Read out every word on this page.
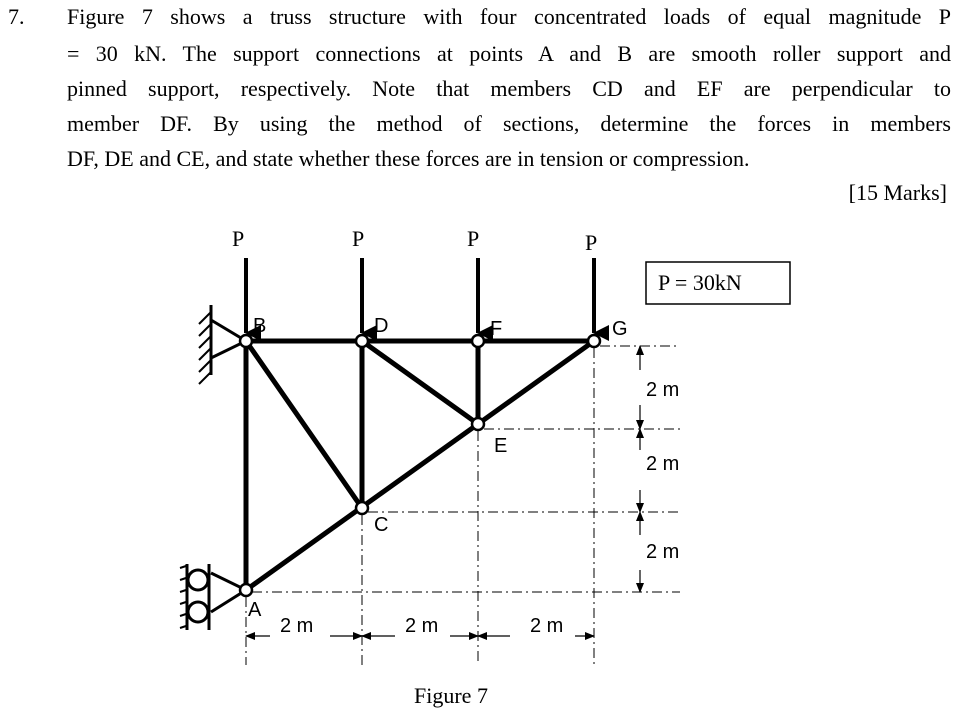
7. Figure 7 shows a truss structure with four concentrated loads of equal magnitude P
= 30 kN. The support connections at points A and B are smooth roller support and
pinned support, respectively. Note that members CD and EF are perpendicular to
member DF. By using the method of sections, determine the forces in members
DF, DE and CE, and state whether these forces are in tension or compression.
[15 Marks]
P	P	P	P
P = 30kN
B	D	F	G
E
C
A
2 m	2 m	2 m
2 m
2 m
2 m
Figure 7
